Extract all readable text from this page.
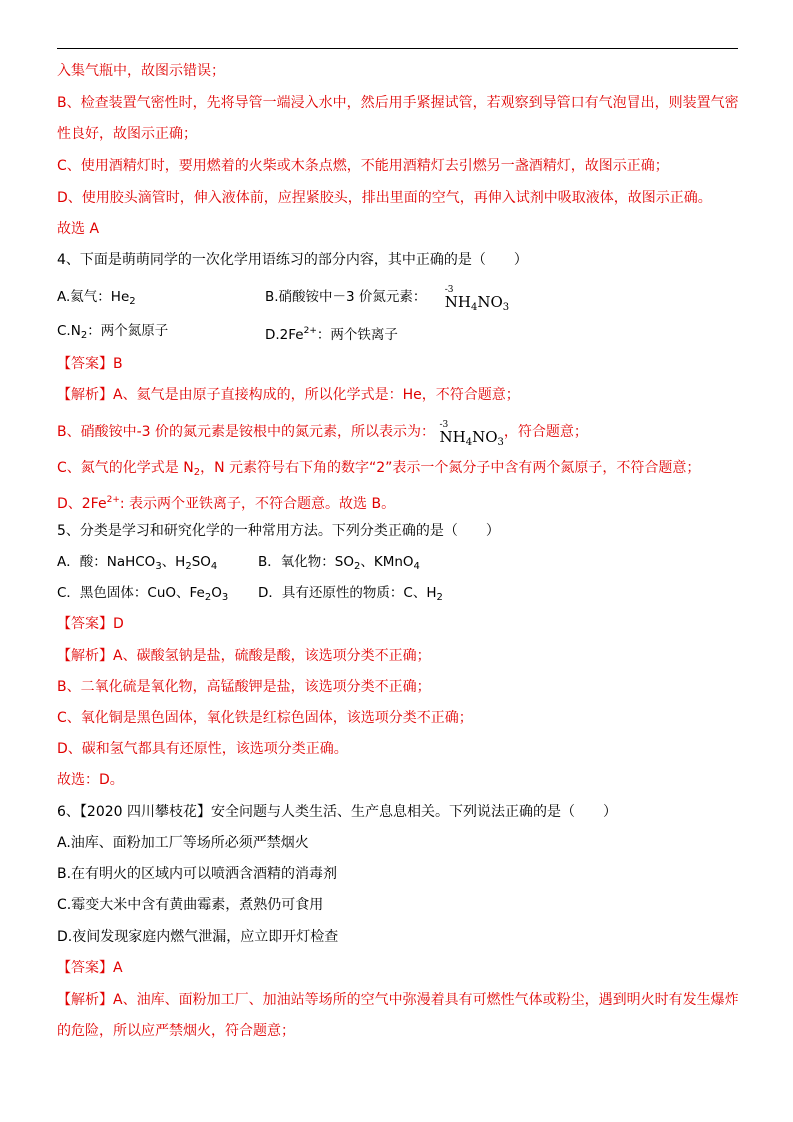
入集气瓶中，故图示错误；
B、检查装置气密性时，先将导管一端浸入水中，然后用手紧握试管，若观察到导管口有气泡冒出，则装置气密
性良好，故图示正确；
C、使用酒精灯时，要用燃着的火柴或木条点燃，不能用酒精灯去引燃另一盏酒精灯，故图示正确；
D、使用胶头滴管时，伸入液体前，应捏紧胶头，排出里面的空气，再伸入试剂中吸取液体，故图示正确。
故选 A
4、下面是萌萌同学的一次化学用语练习的部分内容，其中正确的是（　　）
A.氦气：$He_2$	B.硝酸铵中－3 价氮元素： -3
$NH_4NO_3$
$C.N_2$：两个氮原子	$D.2Fe^{2+}$：两个铁离子
【答案】B
【解析】A、氦气是由原子直接构成的，所以化学式是：He，不符合题意；
B、硝酸铵中-3 价的氮元素是铵根中的氮元素，所以表示为： -3
$NH_4NO_3$，符合题意；
C、氮气的化学式是 $N_2$，N 元素符号右下角的数字“2”表示一个氮分子中含有两个氮原子，不符合题意；
D、$2Fe^{2+}$: 表示两个亚铁离子，不符合题意。故选 B。
5、分类是学习和研究化学的一种常用方法。下列分类正确的是（　　）
A．酸：NaHCO$_3$、$H_2SO_4$	B．氧化物：$SO_2$、KMnO$_4$
C．黑色固体：CuO、$Fe_2O_3$ D．具有还原性的物质：C、$H_2$
【答案】D
【解析】A、碳酸氢钠是盐，硫酸是酸，该选项分类不正确；
B、二氧化硫是氧化物，高锰酸钾是盐，该选项分类不正确；
C、氧化铜是黑色固体，氧化铁是红棕色固体，该选项分类不正确；
D、碳和氢气都具有还原性，该选项分类正确。
故选：D。
6、【2020 四川攀枝花】安全问题与人类生活、生产息息相关。下列说法正确的是（　　）
A.油库、面粉加工厂等场所必须严禁烟火
B.在有明火的区域内可以喷洒含酒精的消毒剂
C.霉变大米中含有黄曲霉素，煮熟仍可食用
D.夜间发现家庭内燃气泄漏，应立即开灯检查
【答案】A
【解析】A、油库、面粉加工厂、加油站等场所的空气中弥漫着具有可燃性气体或粉尘，遇到明火时有发生爆炸
的危险，所以应严禁烟火，符合题意；
